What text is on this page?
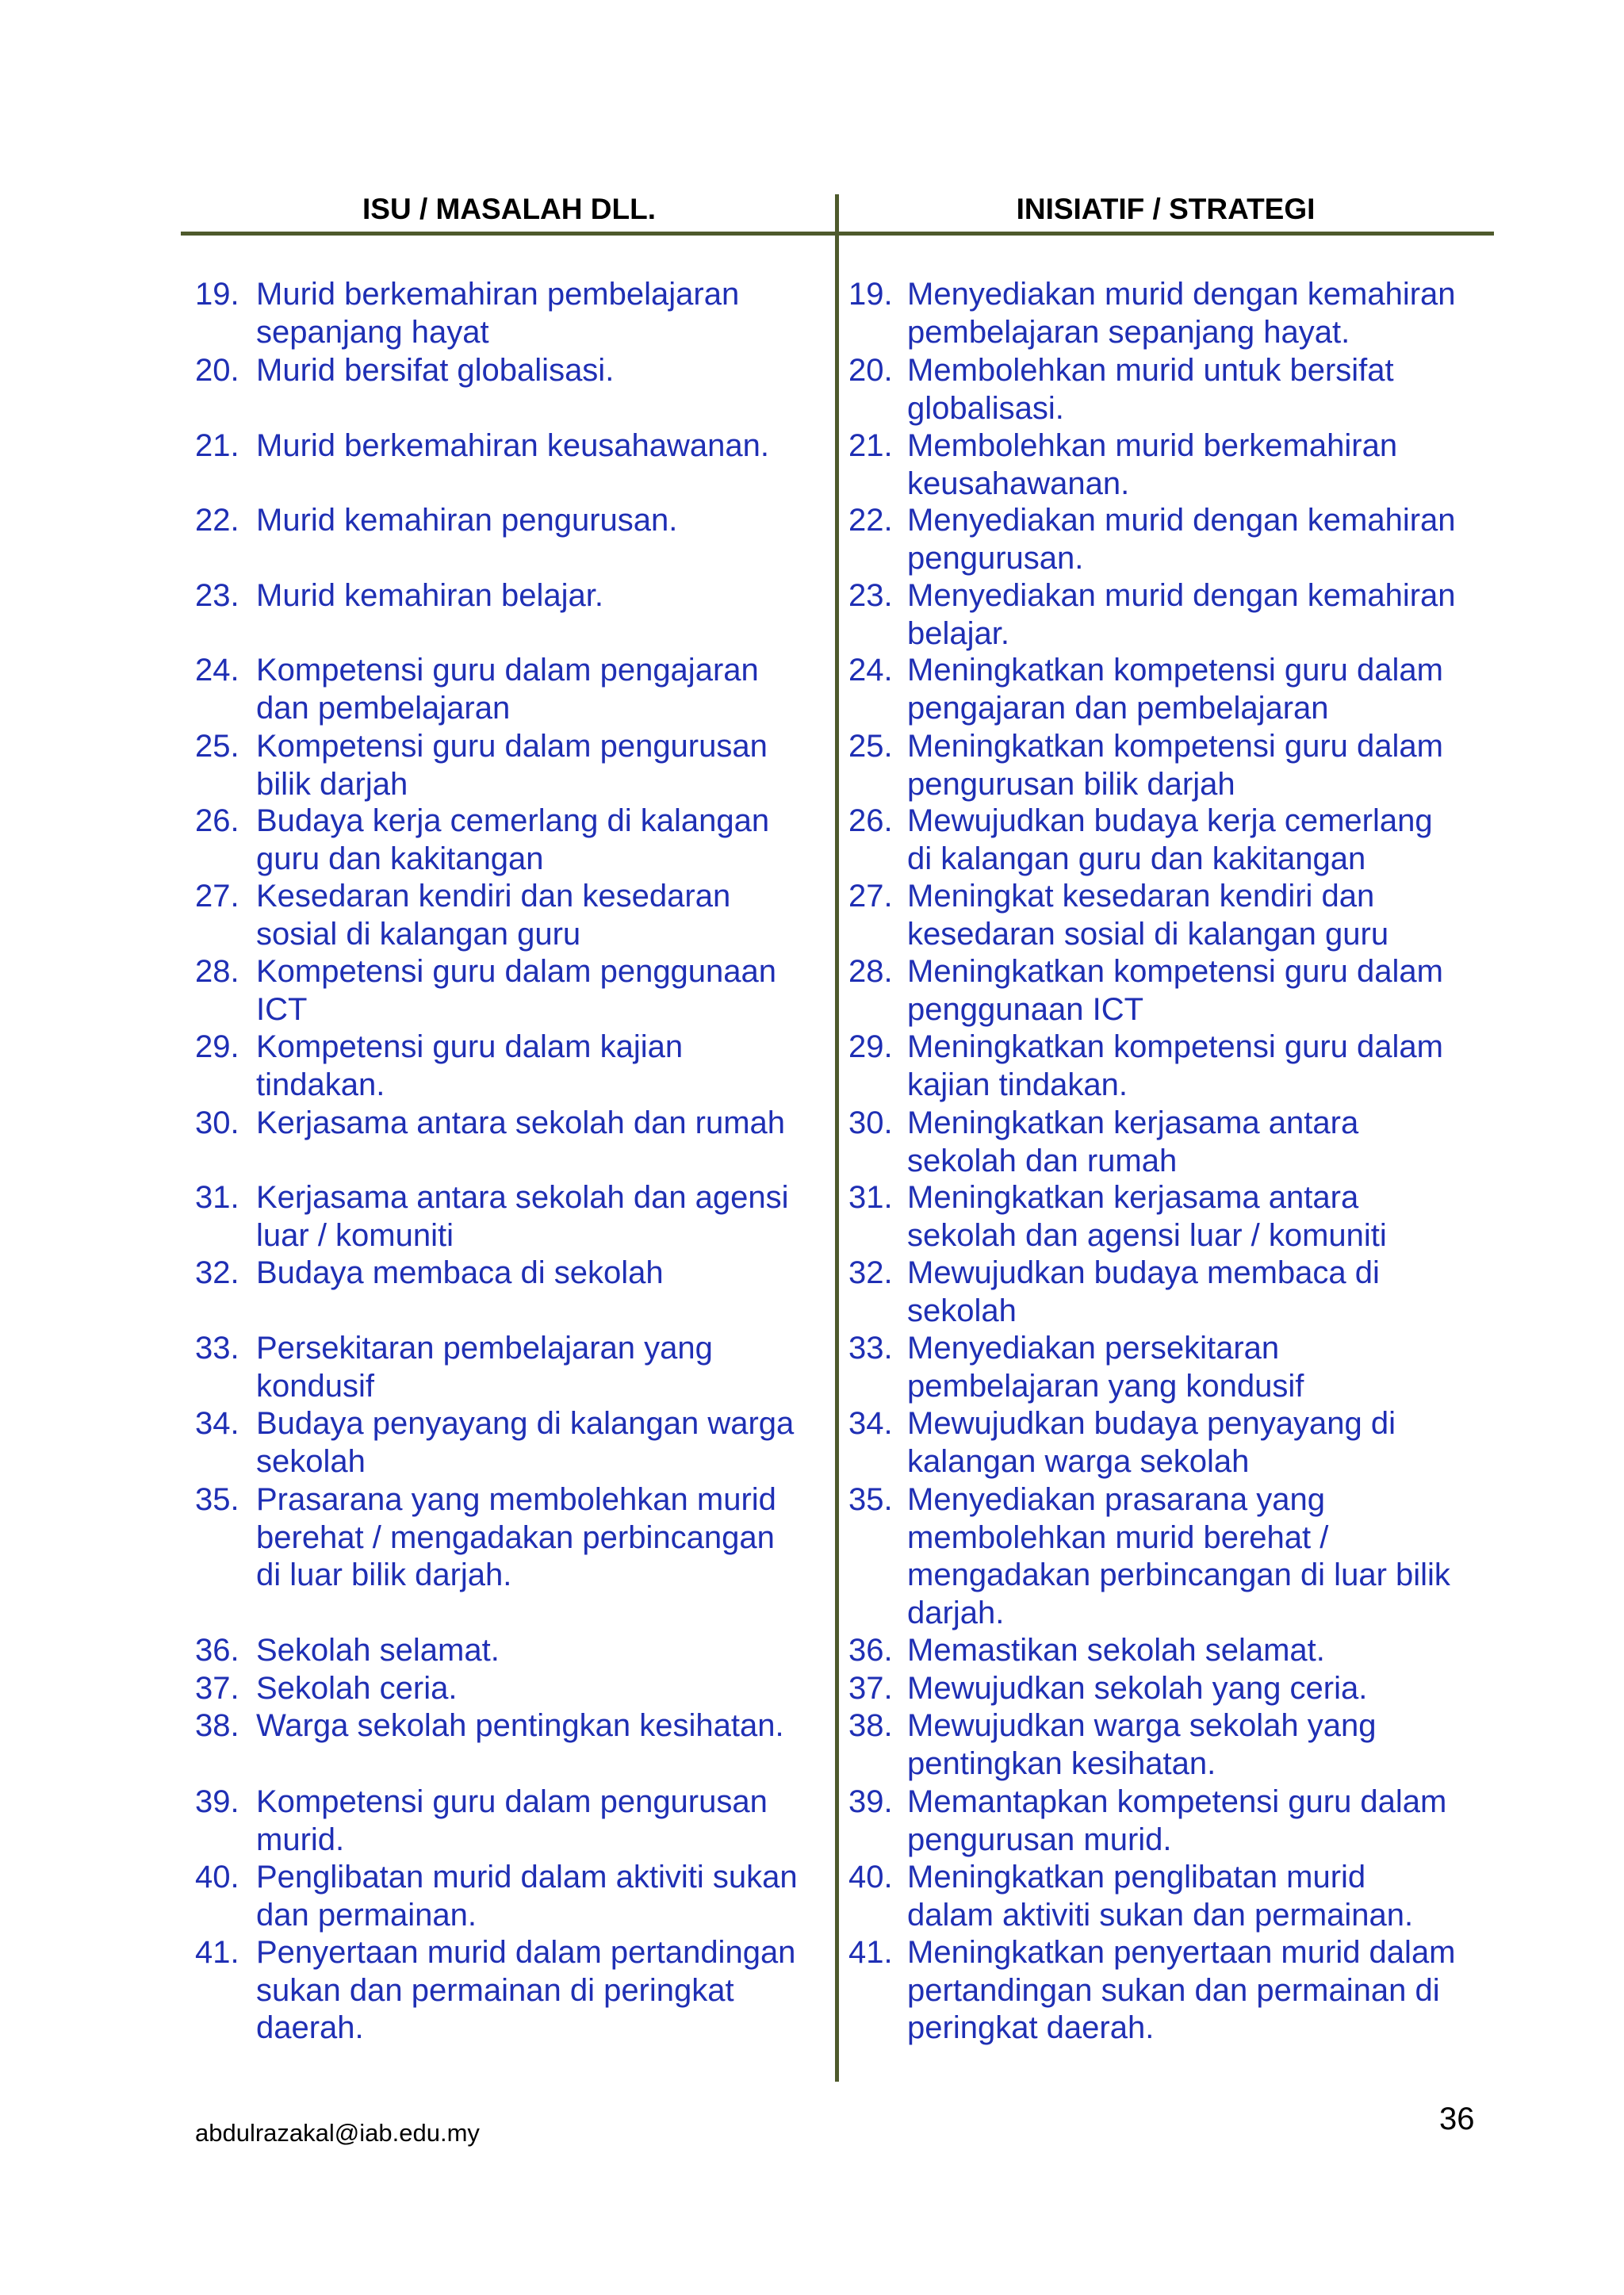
ISU / MASALAH DLL.	INISIATIF / STRATEGI
19. Murid berkemahiran pembelajaran
sepanjang hayat
20. Murid bersifat globalisasi.
21. Murid berkemahiran keusahawanan.
22. Murid kemahiran pengurusan.
23. Murid kemahiran belajar.
24. Kompetensi guru dalam pengajaran
dan pembelajaran
25. Kompetensi guru dalam pengurusan
bilik darjah
26. Budaya kerja cemerlang di kalangan
guru dan kakitangan
27. Kesedaran kendiri dan kesedaran
sosial di kalangan guru
28. Kompetensi guru dalam penggunaan
ICT
29. Kompetensi guru dalam kajian
tindakan.
30. Kerjasama antara sekolah dan rumah
31. Kerjasama antara sekolah dan agensi
luar / komuniti
32. Budaya membaca di sekolah
33. Persekitaran pembelajaran yang
kondusif
34. Budaya penyayang di kalangan warga
sekolah
35. Prasarana yang membolehkan murid
berehat / mengadakan perbincangan
di luar bilik darjah.
36. Sekolah selamat.
37. Sekolah ceria.
38. Warga sekolah pentingkan kesihatan.
39. Kompetensi guru dalam pengurusan
murid.
40. Penglibatan murid dalam aktiviti sukan
dan permainan.
41. Penyertaan murid dalam pertandingan
sukan dan permainan di peringkat
daerah.
19. Menyediakan murid dengan kemahiran
pembelajaran sepanjang hayat.
20. Membolehkan murid untuk bersifat
globalisasi.
21. Membolehkan murid berkemahiran
keusahawanan.
22. Menyediakan murid dengan kemahiran
pengurusan.
23. Menyediakan murid dengan kemahiran
belajar.
24. Meningkatkan kompetensi guru dalam
pengajaran dan pembelajaran
25. Meningkatkan kompetensi guru dalam
pengurusan bilik darjah
26. Mewujudkan budaya kerja cemerlang
di kalangan guru dan kakitangan
27. Meningkat kesedaran kendiri dan
kesedaran sosial di kalangan guru
28. Meningkatkan kompetensi guru dalam
penggunaan ICT
29. Meningkatkan kompetensi guru dalam
kajian tindakan.
30. Meningkatkan kerjasama antara
sekolah dan rumah
31. Meningkatkan kerjasama antara
sekolah dan agensi luar / komuniti
32. Mewujudkan budaya membaca di
sekolah
33. Menyediakan persekitaran
pembelajaran yang kondusif
34. Mewujudkan budaya penyayang di
kalangan warga sekolah
35. Menyediakan prasarana yang
membolehkan murid berehat /
mengadakan perbincangan di luar bilik
darjah.
36. Memastikan sekolah selamat.
37. Mewujudkan sekolah yang ceria.
38. Mewujudkan warga sekolah yang
pentingkan kesihatan.
39. Memantapkan kompetensi guru dalam
pengurusan murid.
40. Meningkatkan penglibatan murid
dalam aktiviti sukan dan permainan.
41. Meningkatkan penyertaan murid dalam
pertandingan sukan dan permainan di
peringkat daerah.
abdulrazakal@iab.edu.my	36
